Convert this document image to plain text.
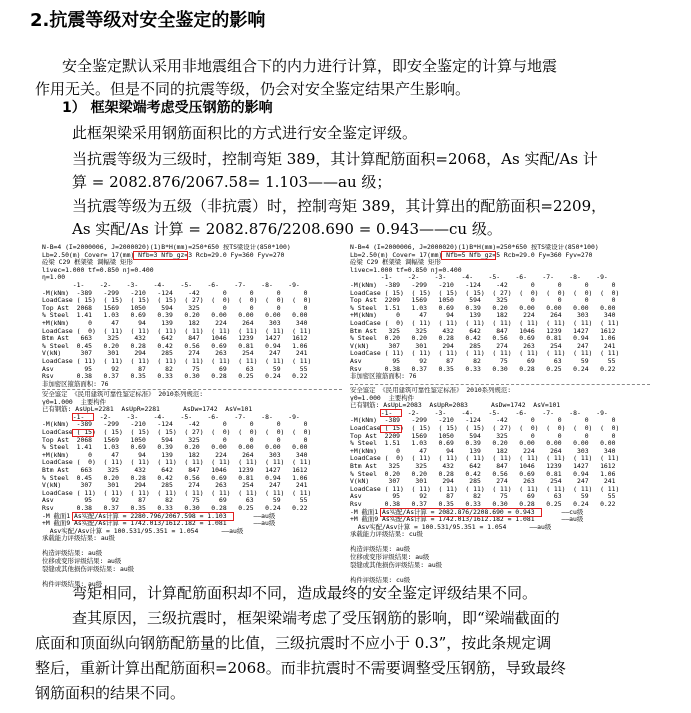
2.抗震等级对安全鉴定的影响
安全鉴定默认采用非地震组合下的内力进行计算，即安全鉴定的计算与地震
作用无关。但是不同的抗震等级，仍会对安全鉴定结果产生影响。
1） 框架梁端考虑受压钢筋的影响
此框架梁采用钢筋面积比的方式进行安全鉴定评级。
当抗震等级为三级时，控制弯矩 389，其计算配筋面积=2068，As 实配/As 计
算 = 2082.876/2067.58= 1.103——au 级；
当抗震等级为五级（非抗震）时，控制弯矩 389，其计算出的配筋面积=2209，
As 实配/As 计算 = 2082.876/2208.690 = 0.943——cu 级。
N-B=4 (I=2000006, J=2000020)(1)B*H(mm)=250*650 按TS梁设计(850*100)
Lb=2.50(m) Cover= 17(mm) Nfb=3 Nfb_gz=3 Rcb=29.0 Fy=360 Fyv=270
砼梁 C29 框架梁 调幅梁 矩形
livec=1.000 tf=0.850 nj=0.400
η=1.00
-1-    -2-    -3-    -4-    -5-    -6-    -7-    -8-    -9-
-M(kNm)  -389   -299   -210   -124    -42      0      0      0      0
LoadCase ( 15)  ( 15)  ( 15)  ( 15)  ( 27)  (  0)  (  0)  (  0)  (  0)
Top Ast  2068   1569   1050    594    325      0      0      0      0
% Steel  1.41   1.03   0.69   0.39   0.20   0.00   0.00   0.00   0.00
+M(kNm)     0     47     94    139    182    224    264    303    340
LoadCase (  0)  ( 11)  ( 11)  ( 11)  ( 11)  ( 11)  ( 11)  ( 11)  ( 11)
Btm Ast   663    325    432    642    847   1046   1239   1427   1612
% Steel  0.45   0.20   0.28   0.42   0.56   0.69   0.81   0.94   1.06
V(kN)     307    301    294    285    274    263    254    247    241
LoadCase ( 11)  ( 11)  ( 11)  ( 11)  ( 11)  ( 11)  ( 11)  ( 11)  ( 11)
Asv        95     92     87     82     75     69     63     59     55
Rsv      0.38   0.37   0.35   0.33   0.30   0.28   0.25   0.24   0.22
非加密区箍筋面积: 76
N-B=4 (I=2000006, J=2000020)(1)B*H(mm)=250*650 按TS梁设计(850*100)
Lb=2.50(m) Cover= 17(mm) Nfb=5 Nfb_gz=5 Rcb=29.0 Fy=360 Fyv=270
砼梁 C29 框架梁 调幅梁 矩形
livec=1.000 tf=0.850 nj=0.400
-1-    -2-    -3-    -4-    -5-    -6-    -7-    -8-    -9-
-M(kNm)  -389   -299   -210   -124    -42      0      0      0      0
LoadCase ( 15)  ( 15)  ( 15)  ( 15)  ( 27)  (  0)  (  0)  (  0)  (  0)
Top Ast  2209   1569   1050    594    325      0      0      0      0
% Steel  1.51   1.03   0.69   0.39   0.20   0.00   0.00   0.00   0.00
+M(kNm)     0     47     94    139    182    224    264    303    340
LoadCase (  0)  ( 11)  ( 11)  ( 11)  ( 11)  ( 11)  ( 11)  ( 11)  ( 11)
Btm Ast   325    325    432    642    847   1046   1239   1427   1612
% Steel  0.20   0.20   0.28   0.42   0.56   0.69   0.81   0.94   1.06
V(kN)     307    301    294    285    274    263    254    247    241
LoadCase ( 11)  ( 11)  ( 11)  ( 11)  ( 11)  ( 11)  ( 11)  ( 11)  ( 11)
Asv        95     92     87     82     75     69     63     59     55
Rsv      0.38   0.37   0.35   0.33   0.30   0.28   0.25   0.24   0.22
非加密区箍筋面积: 76
安全鉴定 《民用建筑可靠性鉴定标准》 2010系列规范:
γ0=1.000  主要构件
已有钢筋: AsUpL=2281  AsUpR=2281      AsDw=1742  AsV=101
-1-    -2-    -3-    -4-    -5-    -6-    -7-    -8-    -9-
-M(kNm)  -389   -299   -210   -124    -42      0      0      0      0
LoadCase ( 15)  ( 15)  ( 15)  ( 15)  ( 27)  (  0)  (  0)  (  0)  (  0)
Top Ast  2068   1569   1050    594    325      0      0      0      0
% Steel  1.41   1.03   0.69   0.39   0.20   0.00   0.00   0.00   0.00
+M(kNm)     0     47     94    139    182    224    264    303    340
LoadCase (  0)  ( 11)  ( 11)  ( 11)  ( 11)  ( 11)  ( 11)  ( 11)  ( 11)
Btm Ast   663    325    432    642    847   1046   1239   1427   1612
% Steel  0.45   0.20   0.28   0.42   0.56   0.69   0.81   0.94   1.06
V(kN)     307    301    294    285    274    263    254    247    241
LoadCase ( 11)  ( 11)  ( 11)  ( 11)  ( 11)  ( 11)  ( 11)  ( 11)  ( 11)
Asv        95     92     87     82     75     69     63     59     55
Rsv      0.38   0.37   0.35   0.33   0.30   0.28   0.25   0.24   0.22
-M 截面1 As实配/As计算 = 2280.796/2067.598 = 1.103       ——au级
+M 截面9 As实配/As计算 = 1742.013/1612.182 = 1.081       ——au级
Asv实配/Asv计算 = 100.531/95.351 = 1.054      ——au级
承载能力评级结果: au级
构造评级结果: au级
位移或变形评级结果: au级
裂缝或其他损伤评级结果: au级
构件评级结果: au级
安全鉴定 《民用建筑可靠性鉴定标准》 2010系列规范:
γ0=1.000  主要构件
已有钢筋: AsUpL=2083  AsUpR=2083      AsDw=1742  AsV=101
-1-    -2-    -3-    -4-    -5-    -6-    -7-    -8-    -9-
-M(kNm)  -389   -299   -210   -124    -42      0      0      0      0
LoadCase ( 15)  ( 15)  ( 15)  ( 15)  ( 27)  (  0)  (  0)  (  0)  (  0)
Top Ast  2209   1569   1050    594    325      0      0      0      0
% Steel  1.51   1.03   0.69   0.39   0.20   0.00   0.00   0.00   0.00
+M(kNm)     0     47     94    139    182    224    264    303    340
LoadCase (  0)  ( 11)  ( 11)  ( 11)  ( 11)  ( 11)  ( 11)  ( 11)  ( 11)
Btm Ast   325    325    432    642    847   1046   1239   1427   1612
% Steel  0.20   0.20   0.28   0.42   0.56   0.69   0.81   0.94   1.06
V(kN)     307    301    294    285    274    263    254    247    241
LoadCase ( 11)  ( 11)  ( 11)  ( 11)  ( 11)  ( 11)  ( 11)  ( 11)  ( 11)
Asv        95     92     87     82     75     69     63     59     55
Rsv      0.38   0.37   0.35   0.33   0.30   0.28   0.25   0.24   0.22
-M 截面1 As实配/As计算 = 2082.876/2208.690 = 0.943       ——cu级
+M 截面9 As实配/As计算 = 1742.013/1612.182 = 1.081       ——au级
Asv实配/Asv计算 = 100.531/95.351 = 1.054      ——au级
承载能力评级结果: cu级
构造评级结果: au级
位移或变形评级结果: au级
裂缝或其他损伤评级结果: au级
构件评级结果: cu级
弯矩相同，计算配筋面积却不同，造成最终的安全鉴定评级结果不同。
查其原因，三级抗震时，框架梁端考虑了受压钢筋的影响，即“梁端截面的
底面和顶面纵向钢筋配筋量的比值，三级抗震时不应小于 0.3”，按此条规定调
整后，重新计算出配筋面积=2068。而非抗震时不需要调整受压钢筋，导致最终
钢筋面积的结果不同。
